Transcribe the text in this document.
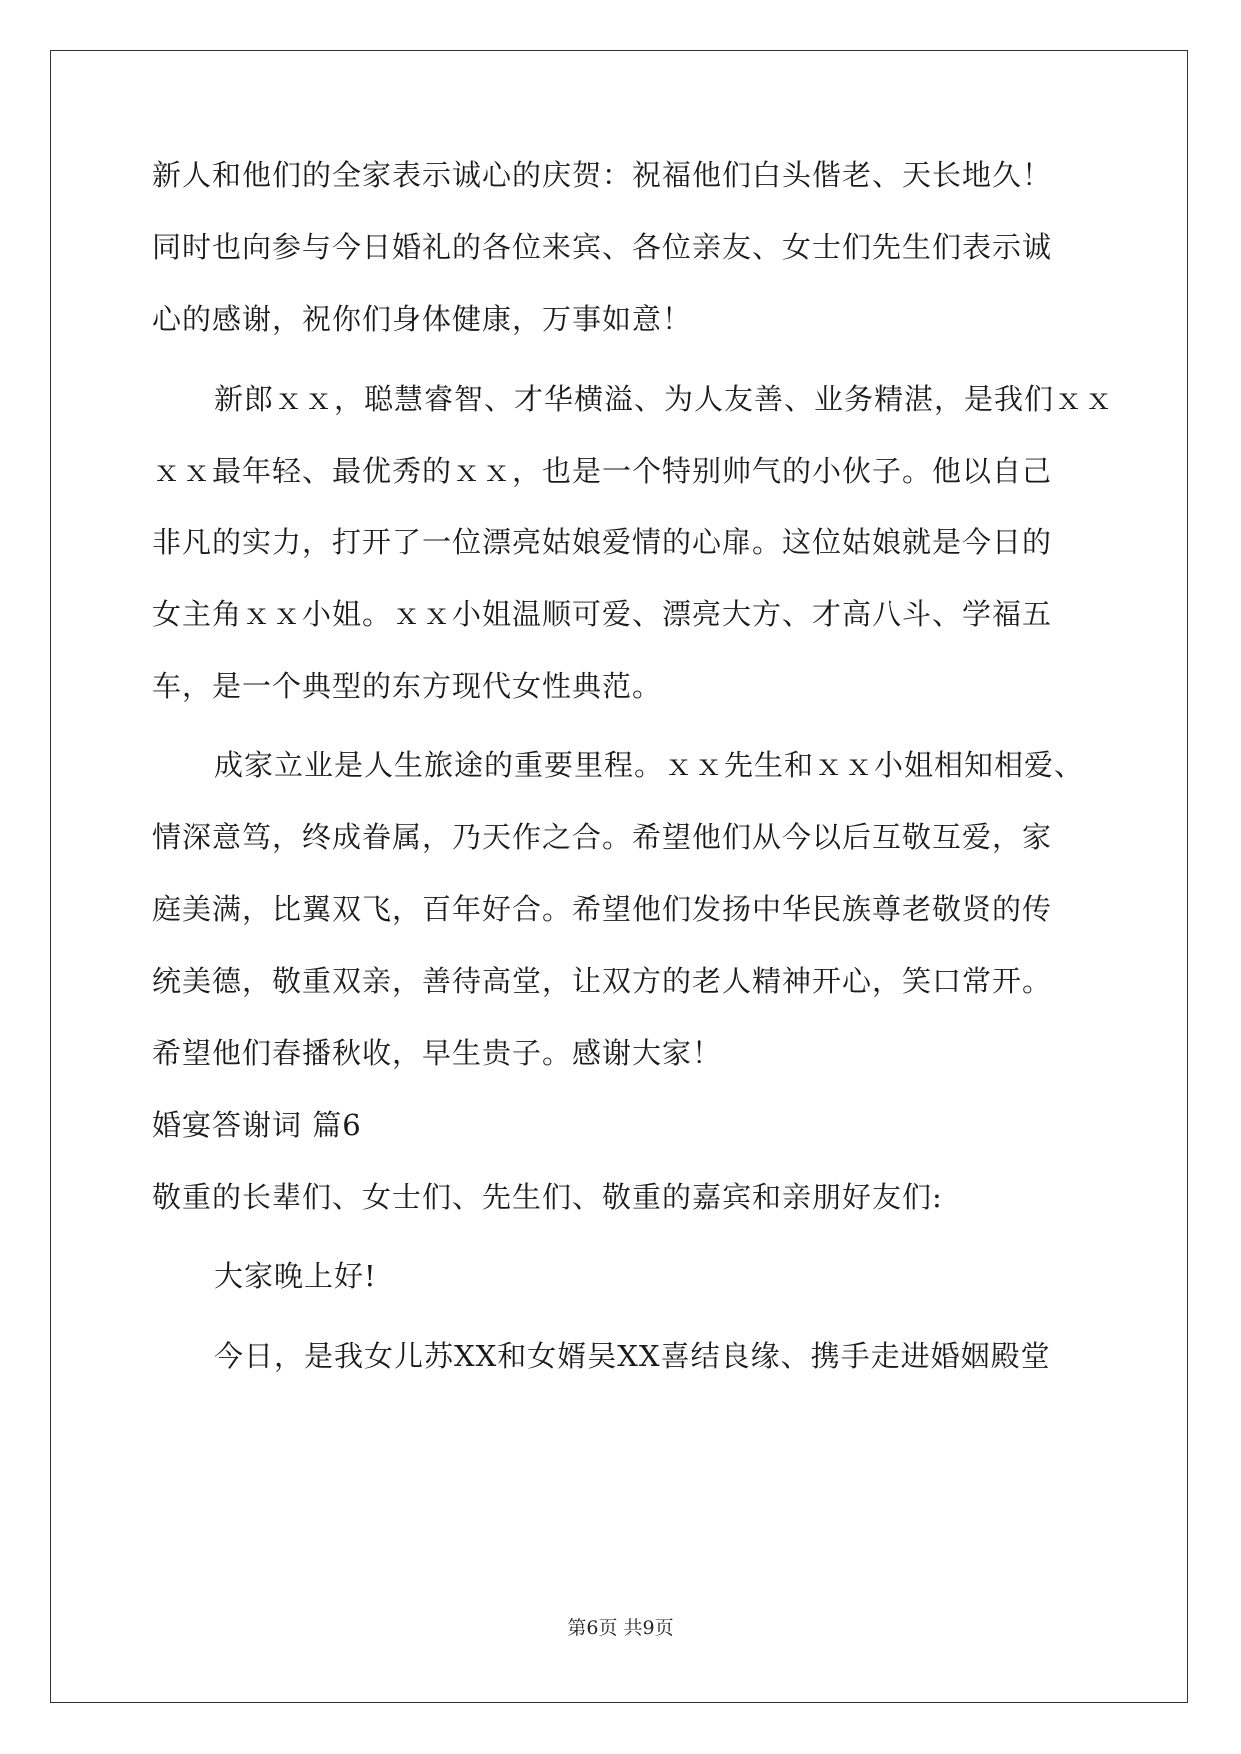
新人和他们的全家表示诚心的庆贺：祝福他们白头偕老、天长地久！
同时也向参与今日婚礼的各位来宾、各位亲友、女士们先生们表示诚
心的感谢，祝你们身体健康，万事如意！
新郎ｘｘ，聪慧睿智、才华横溢、为人友善、业务精湛，是我们ｘｘ
ｘｘ最年轻、最优秀的ｘｘ，也是一个特别帅气的小伙子。他以自己
非凡的实力，打开了一位漂亮姑娘爱情的心扉。这位姑娘就是今日的
女主角ｘｘ小姐。ｘｘ小姐温顺可爱、漂亮大方、才高八斗、学福五
车，是一个典型的东方现代女性典范。
成家立业是人生旅途的重要里程。ｘｘ先生和ｘｘ小姐相知相爱、
情深意笃，终成眷属，乃天作之合。希望他们从今以后互敬互爱，家
庭美满，比翼双飞，百年好合。希望他们发扬中华民族尊老敬贤的传
统美德，敬重双亲，善待高堂，让双方的老人精神开心，笑口常开。
希望他们春播秋收，早生贵子。感谢大家！
婚宴答谢词 篇6
敬重的长辈们、女士们、先生们、敬重的嘉宾和亲朋好友们:
大家晚上好!
今日，是我女儿苏XX和女婿吴XX喜结良缘、携手走进婚姻殿堂
第6页 共9页
